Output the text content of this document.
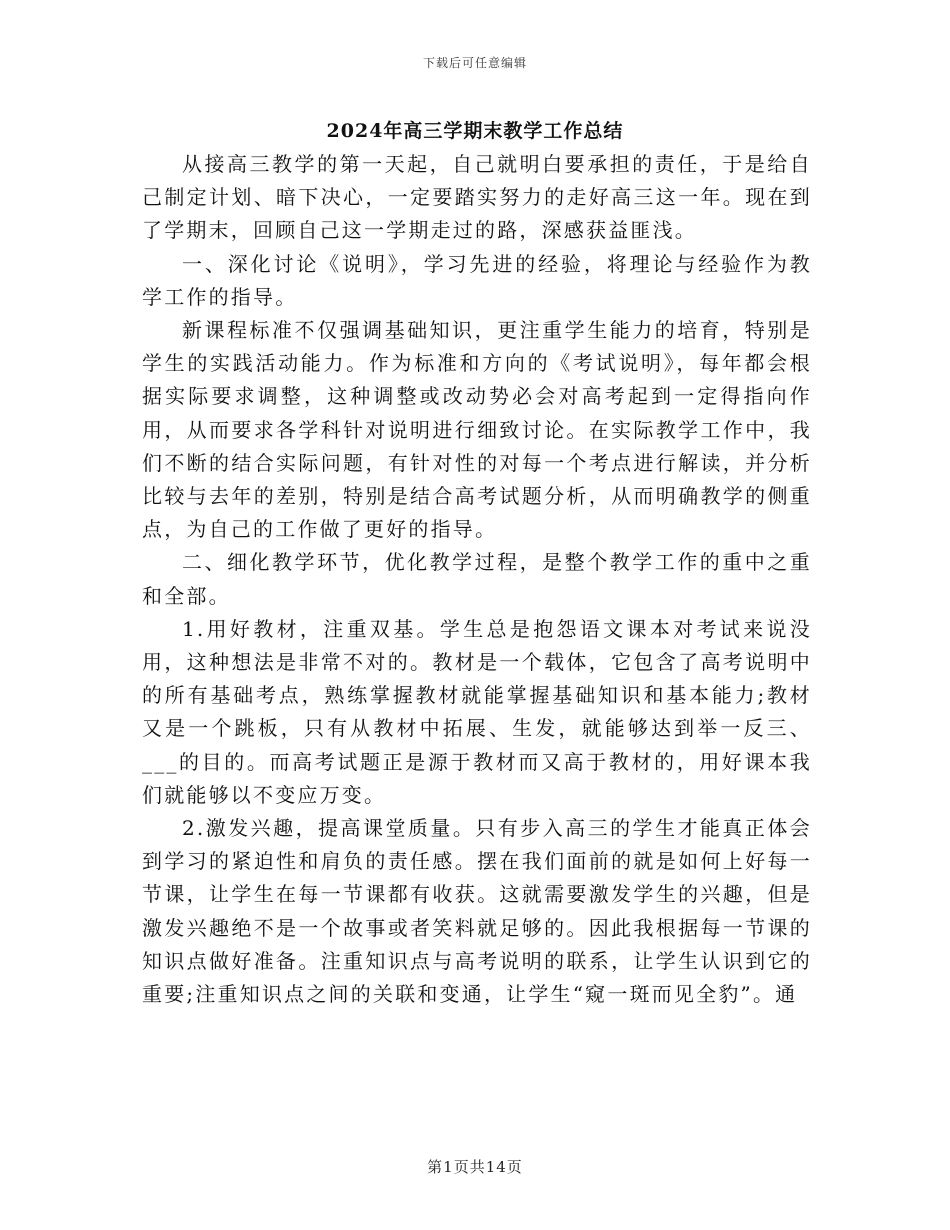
下载后可任意编辑
2024年高三学期末教学工作总结

从接高三教学的第一天起，自己就明白要承担的责任，于是给自己制定计划、暗下决心，一定要踏实努力的走好高三这一年。现在到了学期末，回顾自己这一学期走过的路，深感获益匪浅。

一、深化讨论《说明》，学习先进的经验，将理论与经验作为教学工作的指导。

新课程标准不仅强调基础知识，更注重学生能力的培育，特别是学生的实践活动能力。作为标准和方向的《考试说明》，每年都会根据实际要求调整，这种调整或改动势必会对高考起到一定得指向作用，从而要求各学科针对说明进行细致讨论。在实际教学工作中，我们不断的结合实际问题，有针对性的对每一个考点进行解读，并分析比较与去年的差别，特别是结合高考试题分析，从而明确教学的侧重点，为自己的工作做了更好的指导。

二、细化教学环节，优化教学过程，是整个教学工作的重中之重和全部。

1.用好教材，注重双基。学生总是抱怨语文课本对考试来说没用，这种想法是非常不对的。教材是一个载体，它包含了高考说明中的所有基础考点，熟练掌握教材就能掌握基础知识和基本能力;教材又是一个跳板，只有从教材中拓展、生发，就能够达到举一反三、___的目的。而高考试题正是源于教材而又高于教材的，用好课本我们就能够以不变应万变。

2.激发兴趣，提高课堂质量。只有步入高三的学生才能真正体会到学习的紧迫性和肩负的责任感。摆在我们面前的就是如何上好每一节课，让学生在每一节课都有收获。这就需要激发学生的兴趣，但是激发兴趣绝不是一个故事或者笑料就足够的。因此我根据每一节课的知识点做好准备。注重知识点与高考说明的联系，让学生认识到它的重要;注重知识点之间的关联和变通，让学生“窥一斑而见全豹”。通

第1页共14页
